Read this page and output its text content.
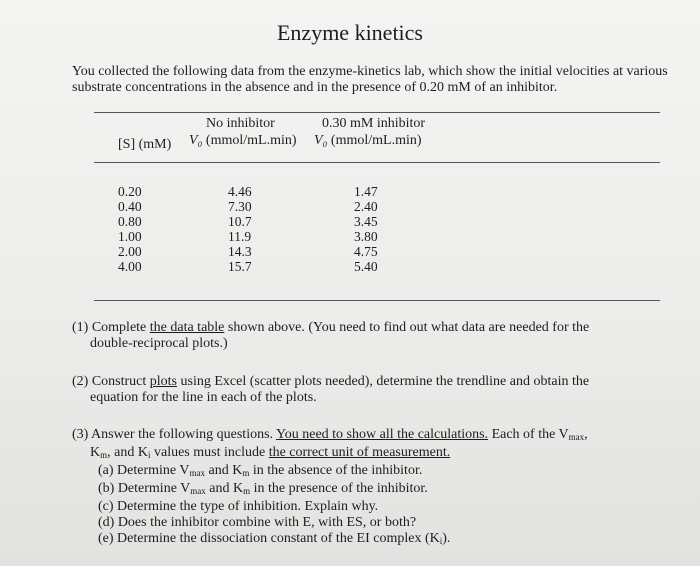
Enzyme kinetics
You collected the following data from the enzyme-kinetics lab, which show the initial velocities at various substrate concentrations in the absence and in the presence of 0.20 mM of an inhibitor.
No inhibitor	0.30 mM inhibitor
[S] (mM) V₀ (mmol/mL.min) V₀ (mmol/mL.min)
0.20
0.40
0.80
1.00
2.00
4.00
4.46
7.30
10.7
11.9
14.3
15.7
1.47
2.40
3.45
3.80
4.75
5.40
(1) Complete the data table shown above. (You need to find out what data are needed for the
double-reciprocal plots.)
(2) Construct plots using Excel (scatter plots needed), determine the trendline and obtain the
equation for the line in each of the plots.
(3) Answer the following questions. You need to show all the calculations. Each of the $V_{max}$,
$K_m$, and $K_i$ values must include the correct unit of measurement.
(a) Determine $V_{max}$ and $K_m$ in the absence of the inhibitor.
(b) Determine $V_{max}$ and $K_m$ in the presence of the inhibitor.
(c) Determine the type of inhibition. Explain why.
(d) Does the inhibitor combine with E, with ES, or both?
(e) Determine the dissociation constant of the EI complex $(K_i)$.
